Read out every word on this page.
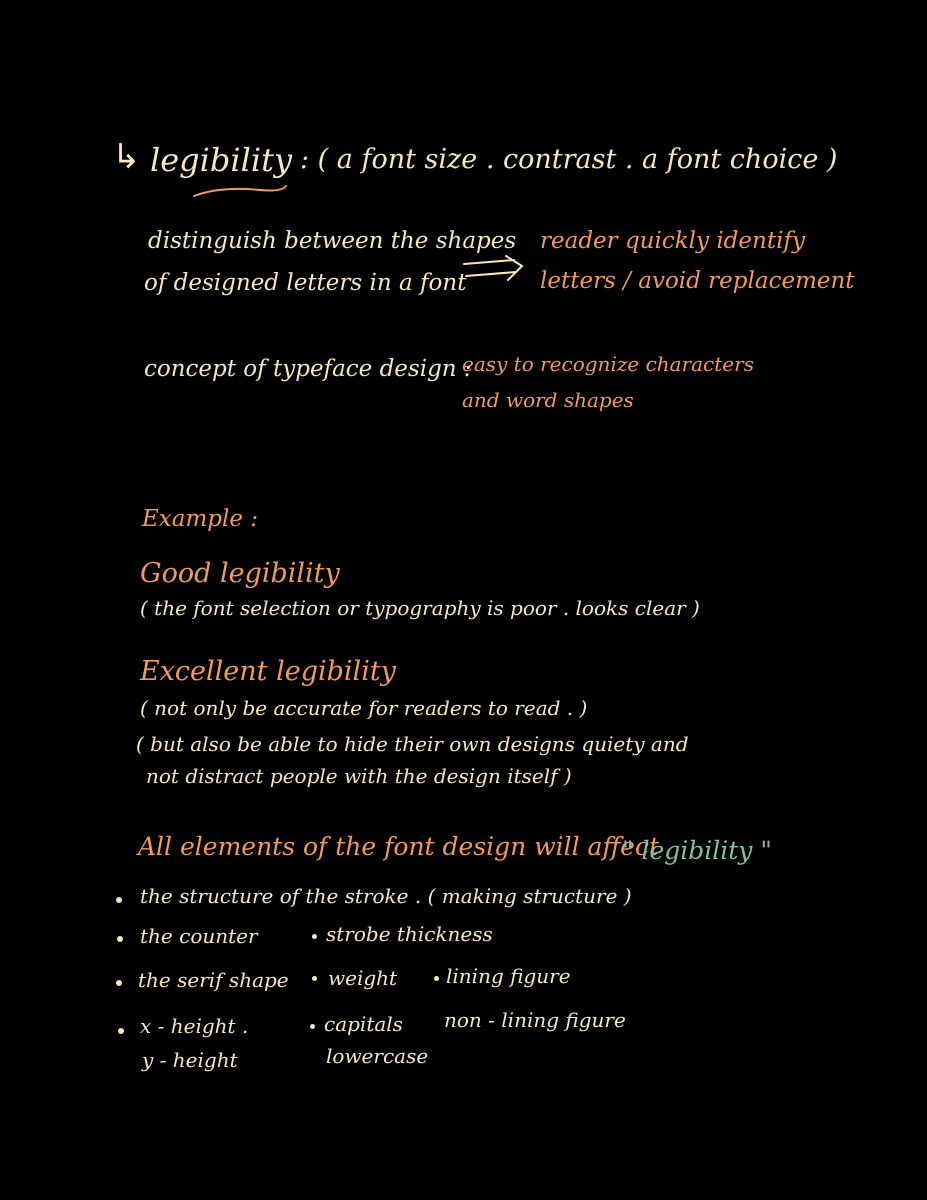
↳ legibility : ( a font size . contrast . a font choice )
distinguish between the shapes
of designed letters in a font
reader quickly identify
letters / avoid replacement
concept of typeface design :
easy to recognize characters
and word shapes
Example :
Good legibility
( the font selection or typography is poor . looks clear )
Excellent legibility
( not only be accurate for readers to read . )
( but also be able to hide their own designs quiety and
not distract people with the design itself )
All elements of the font design will affect
" legibility "
the structure of the stroke . ( making structure )
the counter	strobe thickness
the serif shape weight lining figure
x - height .	capitals non - lining figure
y - height	lowercase
